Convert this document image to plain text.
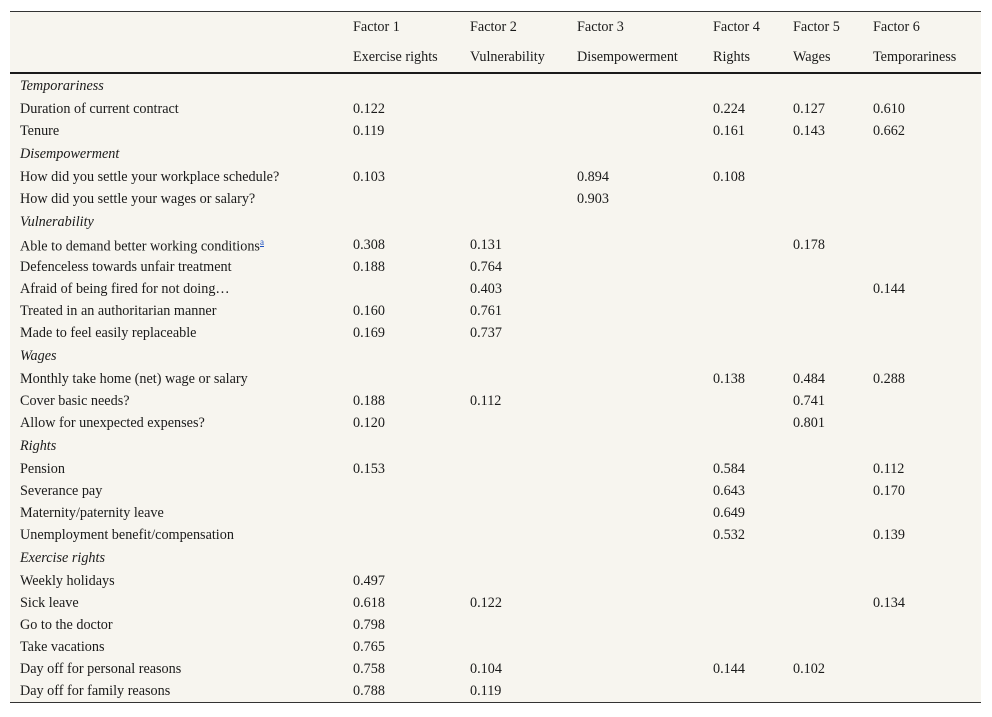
	Factor 1	Factor 2	Factor 3	Factor 4	Factor 5	Factor 6
	Exercise rights	Vulnerability	Disempowerment	Rights	Wages	Temporariness
Temporariness						
Duration of current contract	0.122			0.224	0.127	0.610
Tenure	0.119			0.161	0.143	0.662
Disempowerment						
How did you settle your workplace schedule?	0.103		0.894	0.108		
How did you settle your wages or salary?			0.903			
Vulnerability						
Able to demand better working conditions$^a$	0.308	0.131			0.178	
Defenceless towards unfair treatment	0.188	0.764				
Afraid of being fired for not doing…		0.403				0.144
Treated in an authoritarian manner	0.160	0.761				
Made to feel easily replaceable	0.169	0.737				
Wages						
Monthly take home (net) wage or salary				0.138	0.484	0.288
Cover basic needs?	0.188	0.112			0.741	
Allow for unexpected expenses?	0.120				0.801	
Rights						
Pension	0.153			0.584		0.112
Severance pay				0.643		0.170
Maternity/paternity leave				0.649		
Unemployment benefit/compensation				0.532		0.139
Exercise rights						
Weekly holidays	0.497					
Sick leave	0.618	0.122				0.134
Go to the doctor	0.798					
Take vacations	0.765					
Day off for personal reasons	0.758	0.104		0.144	0.102	
Day off for family reasons	0.788	0.119				
